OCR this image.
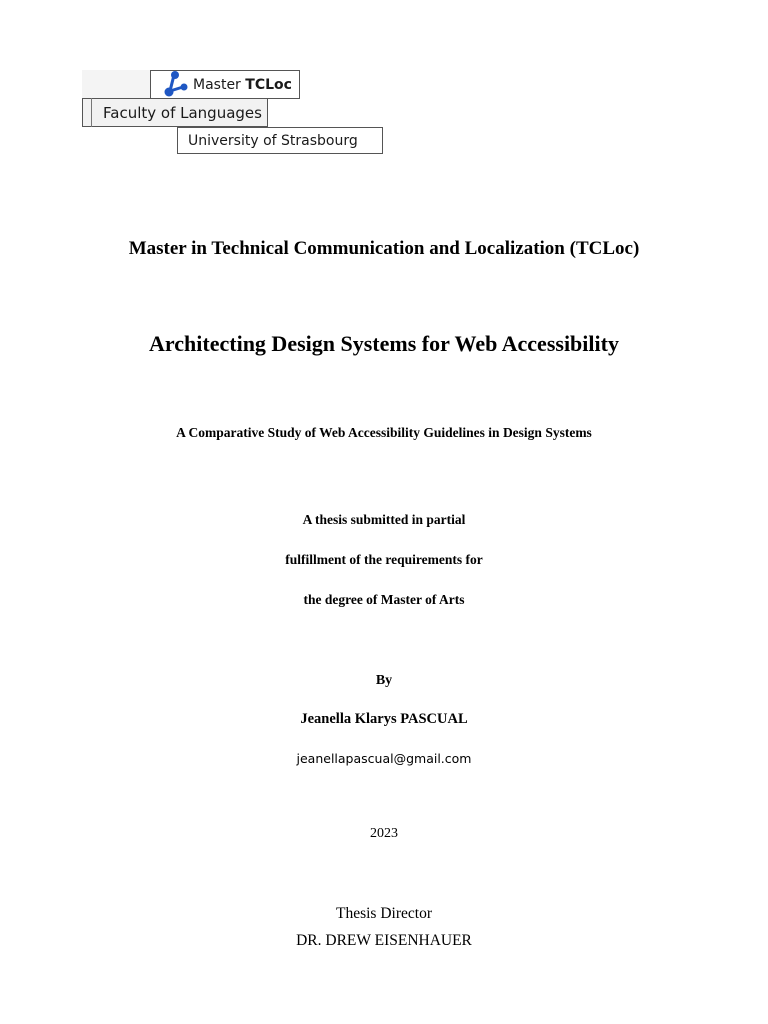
Master TCLoc
Faculty of Languages
University of Strasbourg
Master in Technical Communication and Localization (TCLoc)
Architecting Design Systems for Web Accessibility
A Comparative Study of Web Accessibility Guidelines in Design Systems
A thesis submitted in partial
fulfillment of the requirements for
the degree of Master of Arts
By
Jeanella Klarys PASCUAL
jeanellapascual@gmail.com
2023
Thesis Director
DR. DREW EISENHAUER
